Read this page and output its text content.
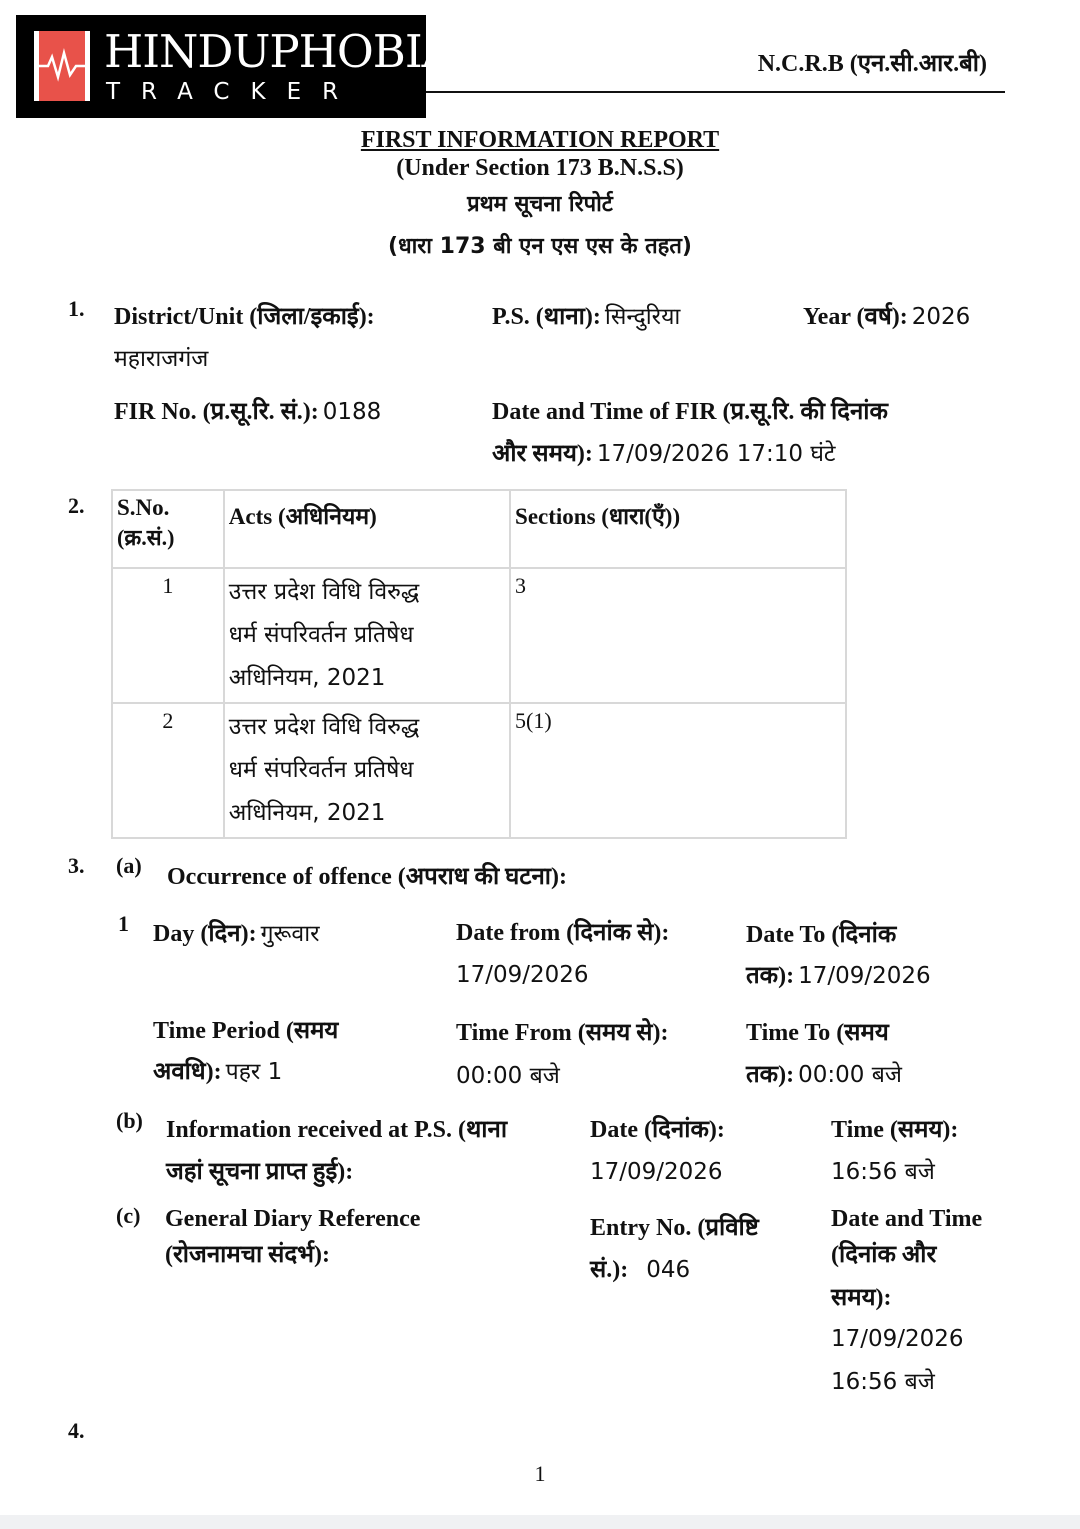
HINDUPHOBIA
TRACKER
N.C.R.B (एन.सी.आर.बी)
FIRST INFORMATION REPORT
(Under Section 173 B.N.S.S)
प्रथम सूचना रिपोर्ट
(धारा 173 बी एन एस एस के तहत)
1. District/Unit (जिला/इकाई):
महाराजगंज
P.S. (थाना): सिन्दुरिया	Year (वर्ष): 2026
FIR No. (प्र.सू.रि. सं.): 0188	Date and Time of FIR (प्र.सू.रि. की दिनांक
और समय): 17/09/2026 17:10 घंटे
2. S.No.
(क्र.सं.)	Acts (अधिनियम)	Sections (धारा(एँ))

1	उत्तर प्रदेश विधि विरुद्ध
धर्म संपरिवर्तन प्रतिषेध
अधिनियम, 2021	3

2	उत्तर प्रदेश विधि विरुद्ध
धर्म संपरिवर्तन प्रतिषेध
अधिनियम, 2021	5(1)
3. (a) Occurrence of offence (अपराध की घटना):
1 Day (दिन): गुरूवार	Date from (दिनांक से):
17/09/2026
Date To (दिनांक
तक): 17/09/2026
Time Period (समय
अवधि): पहर 1
Time From (समय से):
00:00 बजे
Time To (समय
तक): 00:00 बजे
(b) Information received at P.S. (थाना
जहां सूचना प्राप्त हुई):
Date (दिनांक):
17/09/2026
Time (समय):
16:56 बजे
(c) General Diary Reference
(रोजनामचा संदर्भ):
Entry No. (प्रविष्टि
सं.): 046
Date and Time
(दिनांक और
समय):
17/09/2026
16:56 बजे
4.
1
